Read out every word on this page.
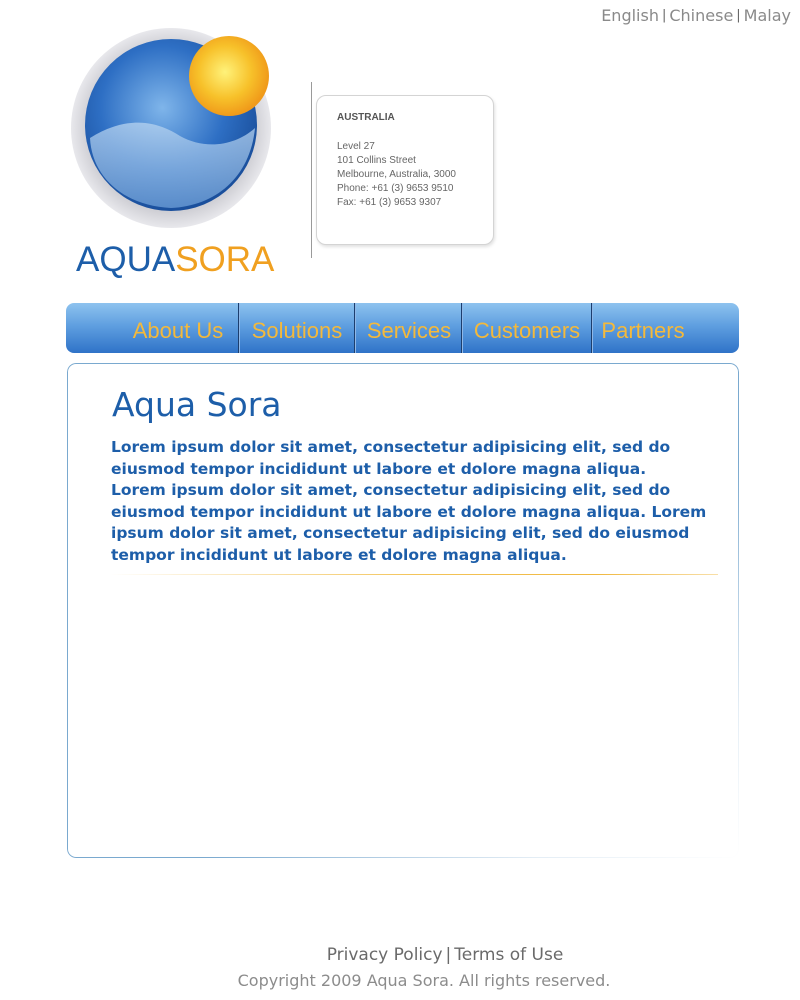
English | Chinese | Malay
AQUASORA
AUSTRALIA
Level 27
101 Collins Street
Melbourne, Australia, 3000
Phone: +61 (3) 9653 9510
Fax: +61 (3) 9653 9307
About Us	Solutions	Services	Customers Partners
Aqua Sora

Lorem ipsum dolor sit amet, consectetur adipisicing elit, sed do eiusmod tempor incididunt ut labore et dolore magna aliqua.

Lorem ipsum dolor sit amet, consectetur adipisicing elit, sed do eiusmod tempor incididunt ut labore et dolore magna aliqua. Lorem ipsum dolor sit amet, consectetur adipisicing elit, sed do eiusmod tempor incididunt ut labore et dolore magna aliqua.

Privacy Policy | Terms of Use
Copyright 2009 Aqua Sora. All rights reserved.
